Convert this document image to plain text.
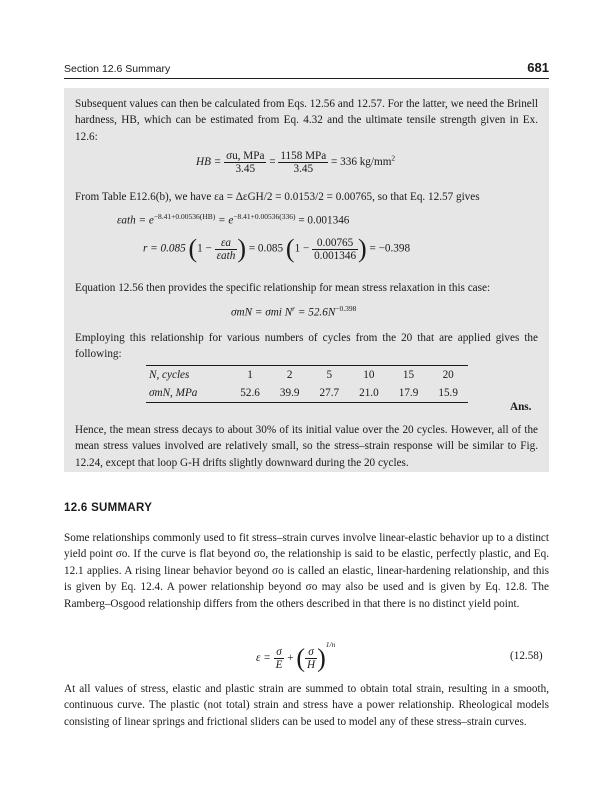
Section 12.6 Summary	681

Subsequent values can then be calculated from Eqs. 12.56 and 12.57. For the latter, we need the Brinell hardness, HB, which can be estimated from Eq. 4.32 and the ultimate tensile strength given in Ex. 12.6:

HB = $\frac{\text{σu, MPa}}{3.45} = \frac{\text{1158 MPa}}{3.45} = 336$ $kg/mm^2$

From Table E12.6(b), we have εa = ΔεGH/2 = 0.0153/2 = 0.00765, so that Eq. 12.57 gives

$\varepsilon ath = e^{-8.41+0.00536(HB)} = e^{-8.41+0.00536(336)} = 0.001346$
r = 0.085 ($1 - \frac{\varepsilon a}{\text{εath}}$ ) = 0.085 ($1 - \frac{0.00765}{0.001346}$ ) = −0.398

Equation 12.56 then provides the specific relationship for mean stress relaxation in this case:

σmN = σmi $N^r = 52.6N^{-0.398}$

Employing this relationship for various numbers of cycles from the 20 that are applied gives the following:

N, cycles	1	2	5	10	15	20
σmN, MPa	52.6	39.9	27.7	21.0	17.9	15.9
Ans.

Hence, the mean stress decays to about 30% of its initial value over the 20 cycles. However, all of the mean stress values involved are relatively small, so the stress–strain response will be similar to Fig. 12.24, except that loop G-H drifts slightly downward during the 20 cycles.

12.6 SUMMARY

Some relationships commonly used to fit stress–strain curves involve linear-elastic behavior up to a distinct yield point σo. If the curve is flat beyond σo, the relationship is said to be elastic, perfectly plastic, and Eq. 12.1 applies. A rising linear behavior beyond σo is called an elastic, linear-hardening relationship, and this is given by Eq. 12.4. A power relationship beyond σo may also be used and is given by Eq. 12.8. The Ramberg–Osgood relationship differs from the others described in that there is no distinct yield point.

$\varepsilon = \frac{\sigma}{E}$ + ( $\frac{\sigma}{H} )^{1/n}$
(12.58)

At all values of stress, elastic and plastic strain are summed to obtain total strain, resulting in a smooth, continuous curve. The plastic (not total) strain and stress have a power relationship. Rheological models consisting of linear springs and frictional sliders can be used to model any of these stress–strain curves.
